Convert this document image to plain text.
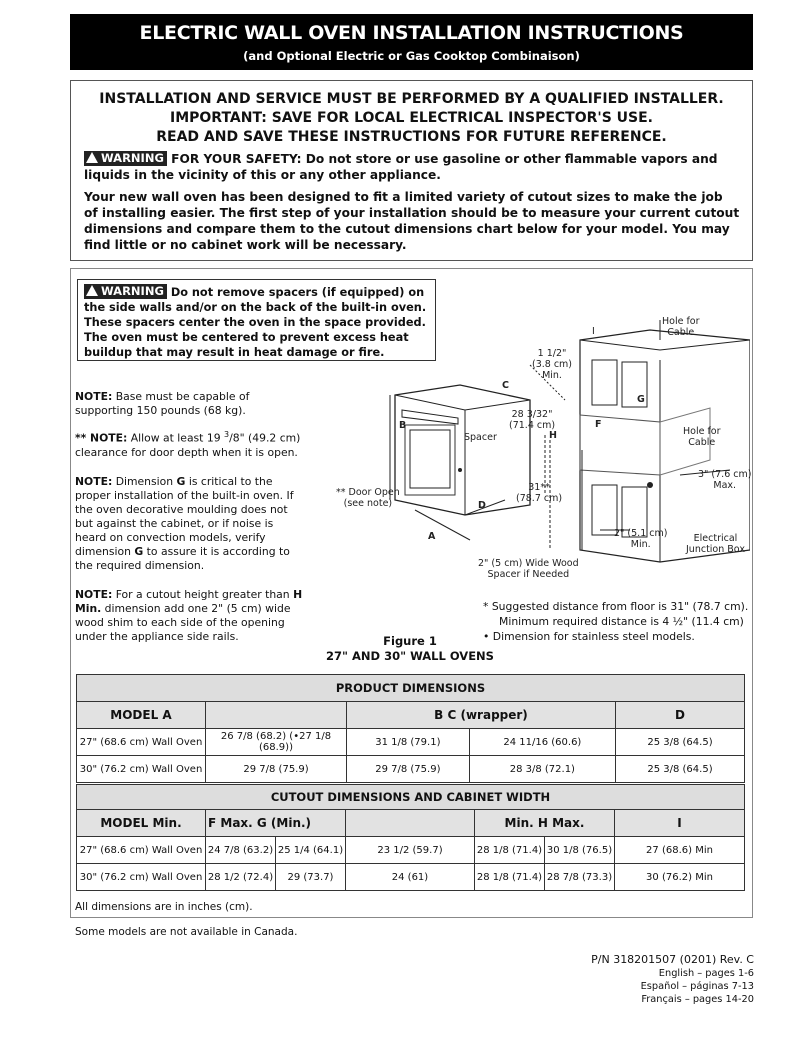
ELECTRIC WALL OVEN INSTALLATION INSTRUCTIONS
(and Optional Electric or Gas Cooktop Combinaison)
INSTALLATION AND SERVICE MUST BE PERFORMED BY A QUALIFIED INSTALLER.
IMPORTANT: SAVE FOR LOCAL ELECTRICAL INSPECTOR'S USE.
READ AND SAVE THESE INSTRUCTIONS FOR FUTURE REFERENCE.
WARNING FOR YOUR SAFETY: Do not store or use gasoline or other flammable vapors and liquids in the vicinity of this or any other appliance.
Your new wall oven has been designed to fit a limited variety of cutout sizes to make the job of installing easier. The first step of your installation should be to measure your current cutout dimensions and compare them to the cutout dimensions chart below for your model. You may find little or no cabinet work will be necessary.
WARNING Do not remove spacers (if equipped) on the side walls and/or on the back of the built-in oven. These spacers center the oven in the space provided. The oven must be centered to prevent excess heat buildup that may result in heat damage or fire.
NOTE: Base must be capable of supporting 150 pounds (68 kg).
** NOTE: Allow at least 19 $^3$/8" (49.2 cm) clearance for door depth when it is open.
NOTE: Dimension G is critical to the proper installation of the built-in oven. If the oven decorative moulding does not but against the cabinet, or if noise is heard on convection models, verify dimension G to assure it is according to the required dimension.
NOTE: For a cutout height greater than H Min. dimension add one 2" (5 cm) wide wood shim to each side of the opening under the appliance side rails.
Hole for
Cable
I
1 1/2"
(3.8 cm)
Min.
C
28 3/32"
(71.4 cm)
H
F
G
Hole for
Cable
3" (7.6 cm)
Max.
B
Spacer
31**
(78.7 cm)
** Door Open
(see note)	D
2" (5.1 cm)
Min.
Electrical
Junction Box
A
2" (5 cm) Wide Wood
Spacer if Needed
* Suggested distance from floor is 31" (78.7 cm).
Minimum required distance is 4 ½" (11.4 cm)
• Dimension for stainless steel models.
Figure 1
27" AND 30" WALL OVENS
PRODUCT DIMENSIONS				
MODEL A		B C (wrapper)		D
27" (68.6 cm) Wall Oven	26 7/8 (68.2) (•27 1/8 (68.9))	31 1/8 (79.1)	24 11/16 (60.6)	25 3/8 (64.5)
30" (76.2 cm) Wall Oven	29 7/8 (75.9)	29 7/8 (75.9)	28 3/8 (72.1)	25 3/8 (64.5)
CUTOUT DIMENSIONS AND CABINET WIDTH						
MODEL Min.	F Max. G (Min.)			Min. H Max.		I
27" (68.6 cm) Wall Oven	24 7/8 (63.2)	25 1/4 (64.1)	23 1/2 (59.7)	28 1/8 (71.4)	30 1/8 (76.5)	27 (68.6) Min
30" (76.2 cm) Wall Oven	28 1/2 (72.4)	29 (73.7)	24 (61)	28 1/8 (71.4)	28 7/8 (73.3)	30 (76.2) Min
All dimensions are in inches (cm).
Some models are not available in Canada.
P/N 318201507 (0201) Rev. C
English – pages 1-6
Español – páginas 7-13
Français – pages 14-20
